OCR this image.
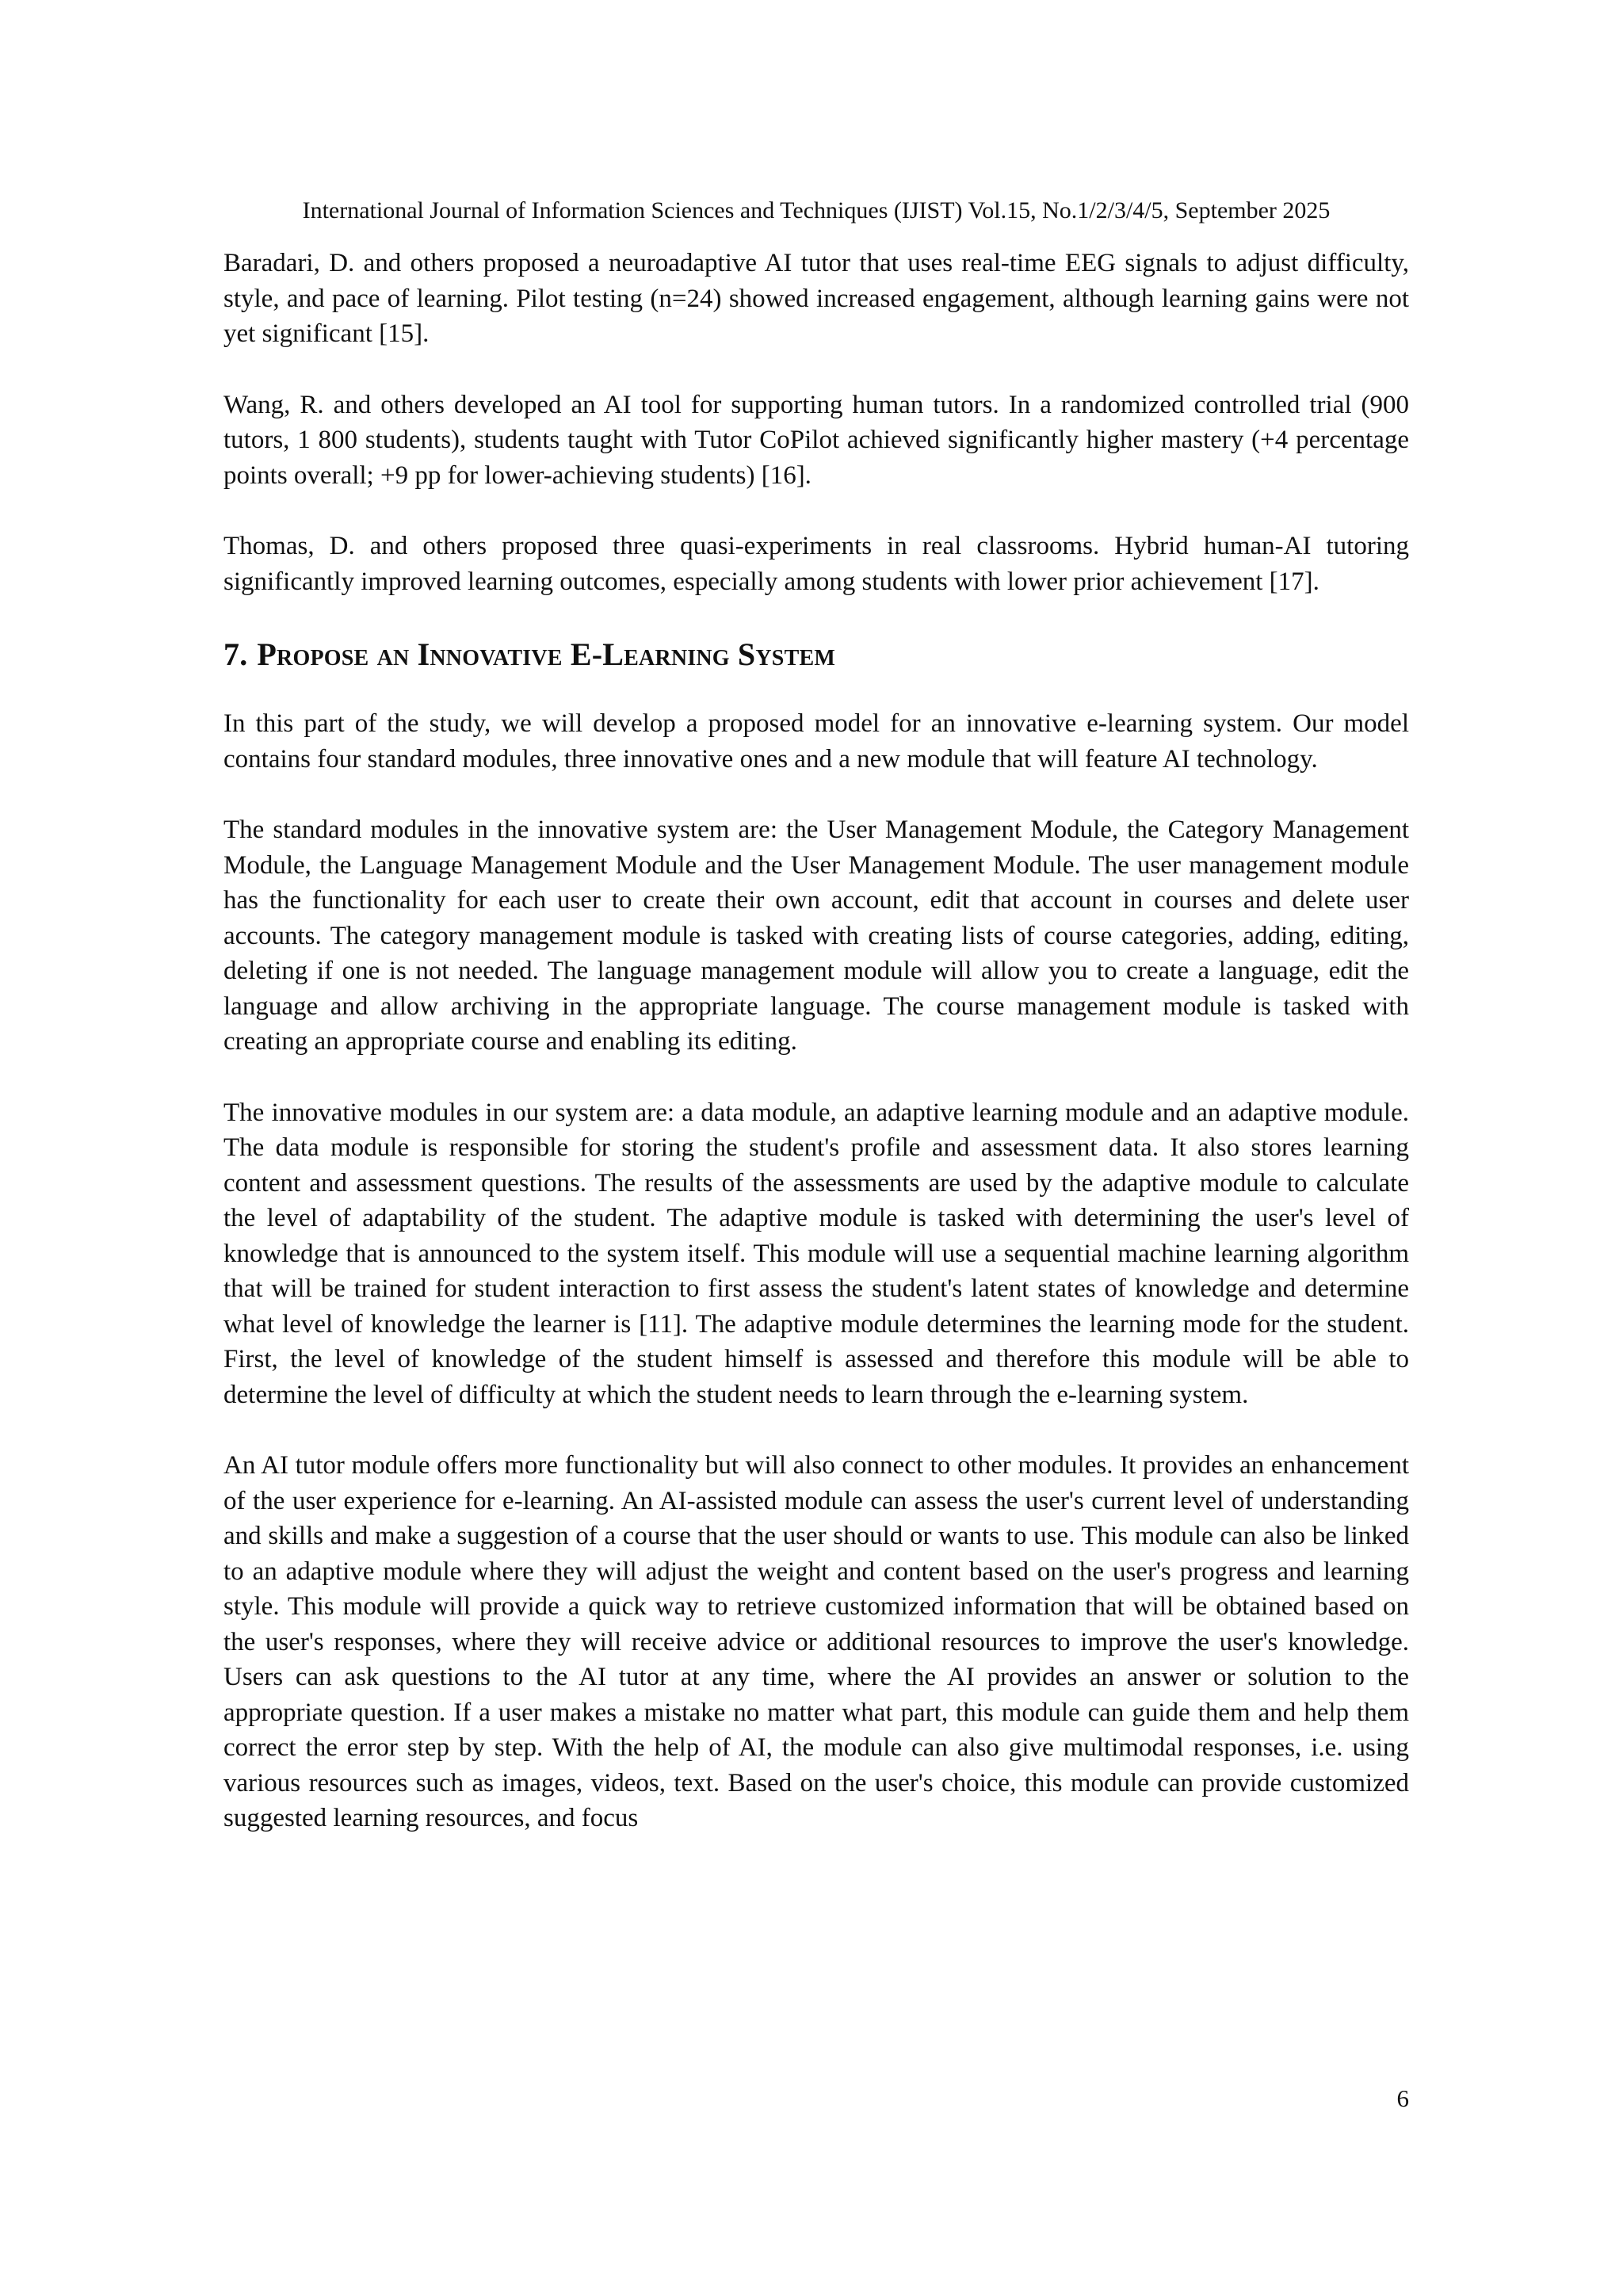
International Journal of Information Sciences and Techniques (IJIST) Vol.15, No.1/2/3/4/5, September 2025

Baradari, D. and others proposed a neuroadaptive AI tutor that uses real-time EEG signals to adjust difficulty, style, and pace of learning. Pilot testing (n=24) showed increased engagement, although learning gains were not yet significant [15].

Wang, R. and others developed an AI tool for supporting human tutors. In a randomized controlled trial (900 tutors, 1 800 students), students taught with Tutor CoPilot achieved significantly higher mastery (+4 percentage points overall; +9 pp for lower-achieving students) [16].

Thomas, D. and others proposed three quasi-experiments in real classrooms. Hybrid human-AI tutoring significantly improved learning outcomes, especially among students with lower prior achievement [17].

7. Propose an Innovative E-Learning System

In this part of the study, we will develop a proposed model for an innovative e-learning system. Our model contains four standard modules, three innovative ones and a new module that will feature AI technology.

The standard modules in the innovative system are: the User Management Module, the Category Management Module, the Language Management Module and the User Management Module. The user management module has the functionality for each user to create their own account, edit that account in courses and delete user accounts. The category management module is tasked with creating lists of course categories, adding, editing, deleting if one is not needed. The language management module will allow you to create a language, edit the language and allow archiving in the appropriate language. The course management module is tasked with creating an appropriate course and enabling its editing.

The innovative modules in our system are: a data module, an adaptive learning module and an adaptive module. The data module is responsible for storing the student's profile and assessment data. It also stores learning content and assessment questions. The results of the assessments are used by the adaptive module to calculate the level of adaptability of the student. The adaptive module is tasked with determining the user's level of knowledge that is announced to the system itself. This module will use a sequential machine learning algorithm that will be trained for student interaction to first assess the student's latent states of knowledge and determine what level of knowledge the learner is [11]. The adaptive module determines the learning mode for the student. First, the level of knowledge of the student himself is assessed and therefore this module will be able to determine the level of difficulty at which the student needs to learn through the e-learning system.

An AI tutor module offers more functionality but will also connect to other modules. It provides an enhancement of the user experience for e-learning. An AI-assisted module can assess the user's current level of understanding and skills and make a suggestion of a course that the user should or wants to use. This module can also be linked to an adaptive module where they will adjust the weight and content based on the user's progress and learning style. This module will provide a quick way to retrieve customized information that will be obtained based on the user's responses, where they will receive advice or additional resources to improve the user's knowledge. Users can ask questions to the AI tutor at any time, where the AI provides an answer or solution to the appropriate question. If a user makes a mistake no matter what part, this module can guide them and help them correct the error step by step. With the help of AI, the module can also give multimodal responses, i.e. using various resources such as images, videos, text. Based on the user's choice, this module can provide customized suggested learning resources, and focus

6
